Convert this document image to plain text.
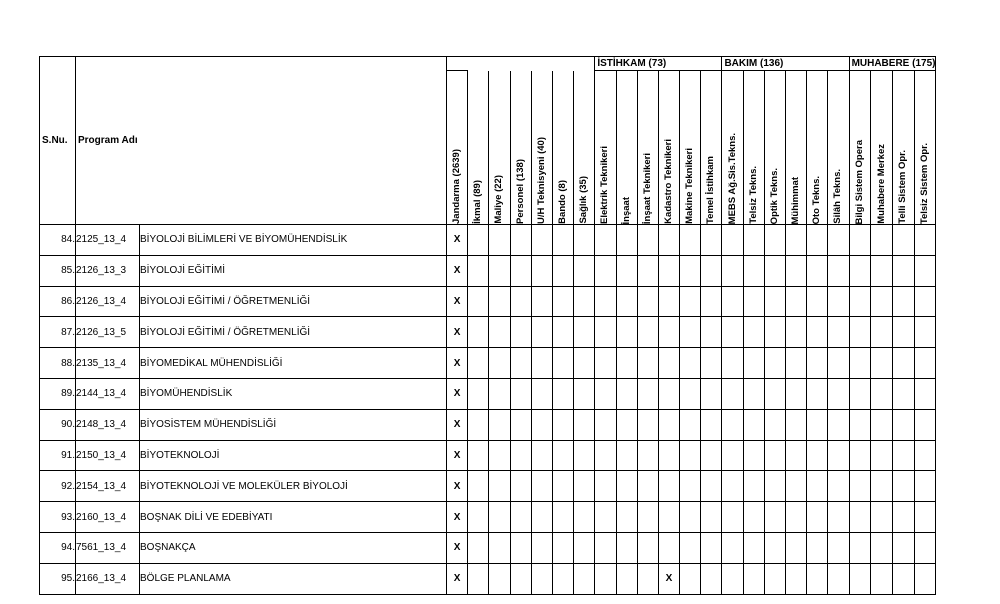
S.Nu.	Program Adı									İSTİHKAM (73)						BAKIM (136)						MUHABERE (175)			

			Jandarma (2639)	İkmal (89)	Maliye (22)	Personel (138)	U/H Teknisyeni (40)	Bando (8)	Sağlık (35)	Elektrik Teknikeri	İnşaat	İnşaat Teknikeri	Kadastro Teknikeri	Makine Teknikeri	Temel İstihkam	MEBS Ağ.Sis.Tekns.	Telsiz Tekns.	Optik Tekns.	Mühimmat	Oto Tekns.	Silâh Tekns.	Bilgi Sistem Opera	Muhabere Merkez	Telli Sistem Opr.	Telsiz Sistem Opr.

84.	2125_13_4	BİYOLOJİ BİLİMLERİ VE BİYOMÜHENDİSLİK	X																						
85.	2126_13_3	BİYOLOJİ EĞİTİMİ	X																						
86.	2126_13_4	BİYOLOJİ EĞİTİMİ / ÖĞRETMENLİĞİ	X																						
87.	2126_13_5	BİYOLOJİ EĞİTİMİ / ÖĞRETMENLİĞİ	X																						
88.	2135_13_4	BİYOMEDİKAL MÜHENDİSLİĞİ	X																						
89.	2144_13_4	BİYOMÜHENDİSLİK	X																						
90.	2148_13_4	BİYOSİSTEM MÜHENDİSLİĞİ	X																						
91.	2150_13_4	BİYOTEKNOLOJİ	X																						
92.	2154_13_4	BİYOTEKNOLOJİ VE MOLEKÜLER BİYOLOJİ	X																						
93.	2160_13_4	BOŞNAK DİLİ VE EDEBİYATI	X																						
94.	7561_13_4	BOŞNAKÇA	X																						
95.	2166_13_4	BÖLGE PLANLAMA	X										X												
